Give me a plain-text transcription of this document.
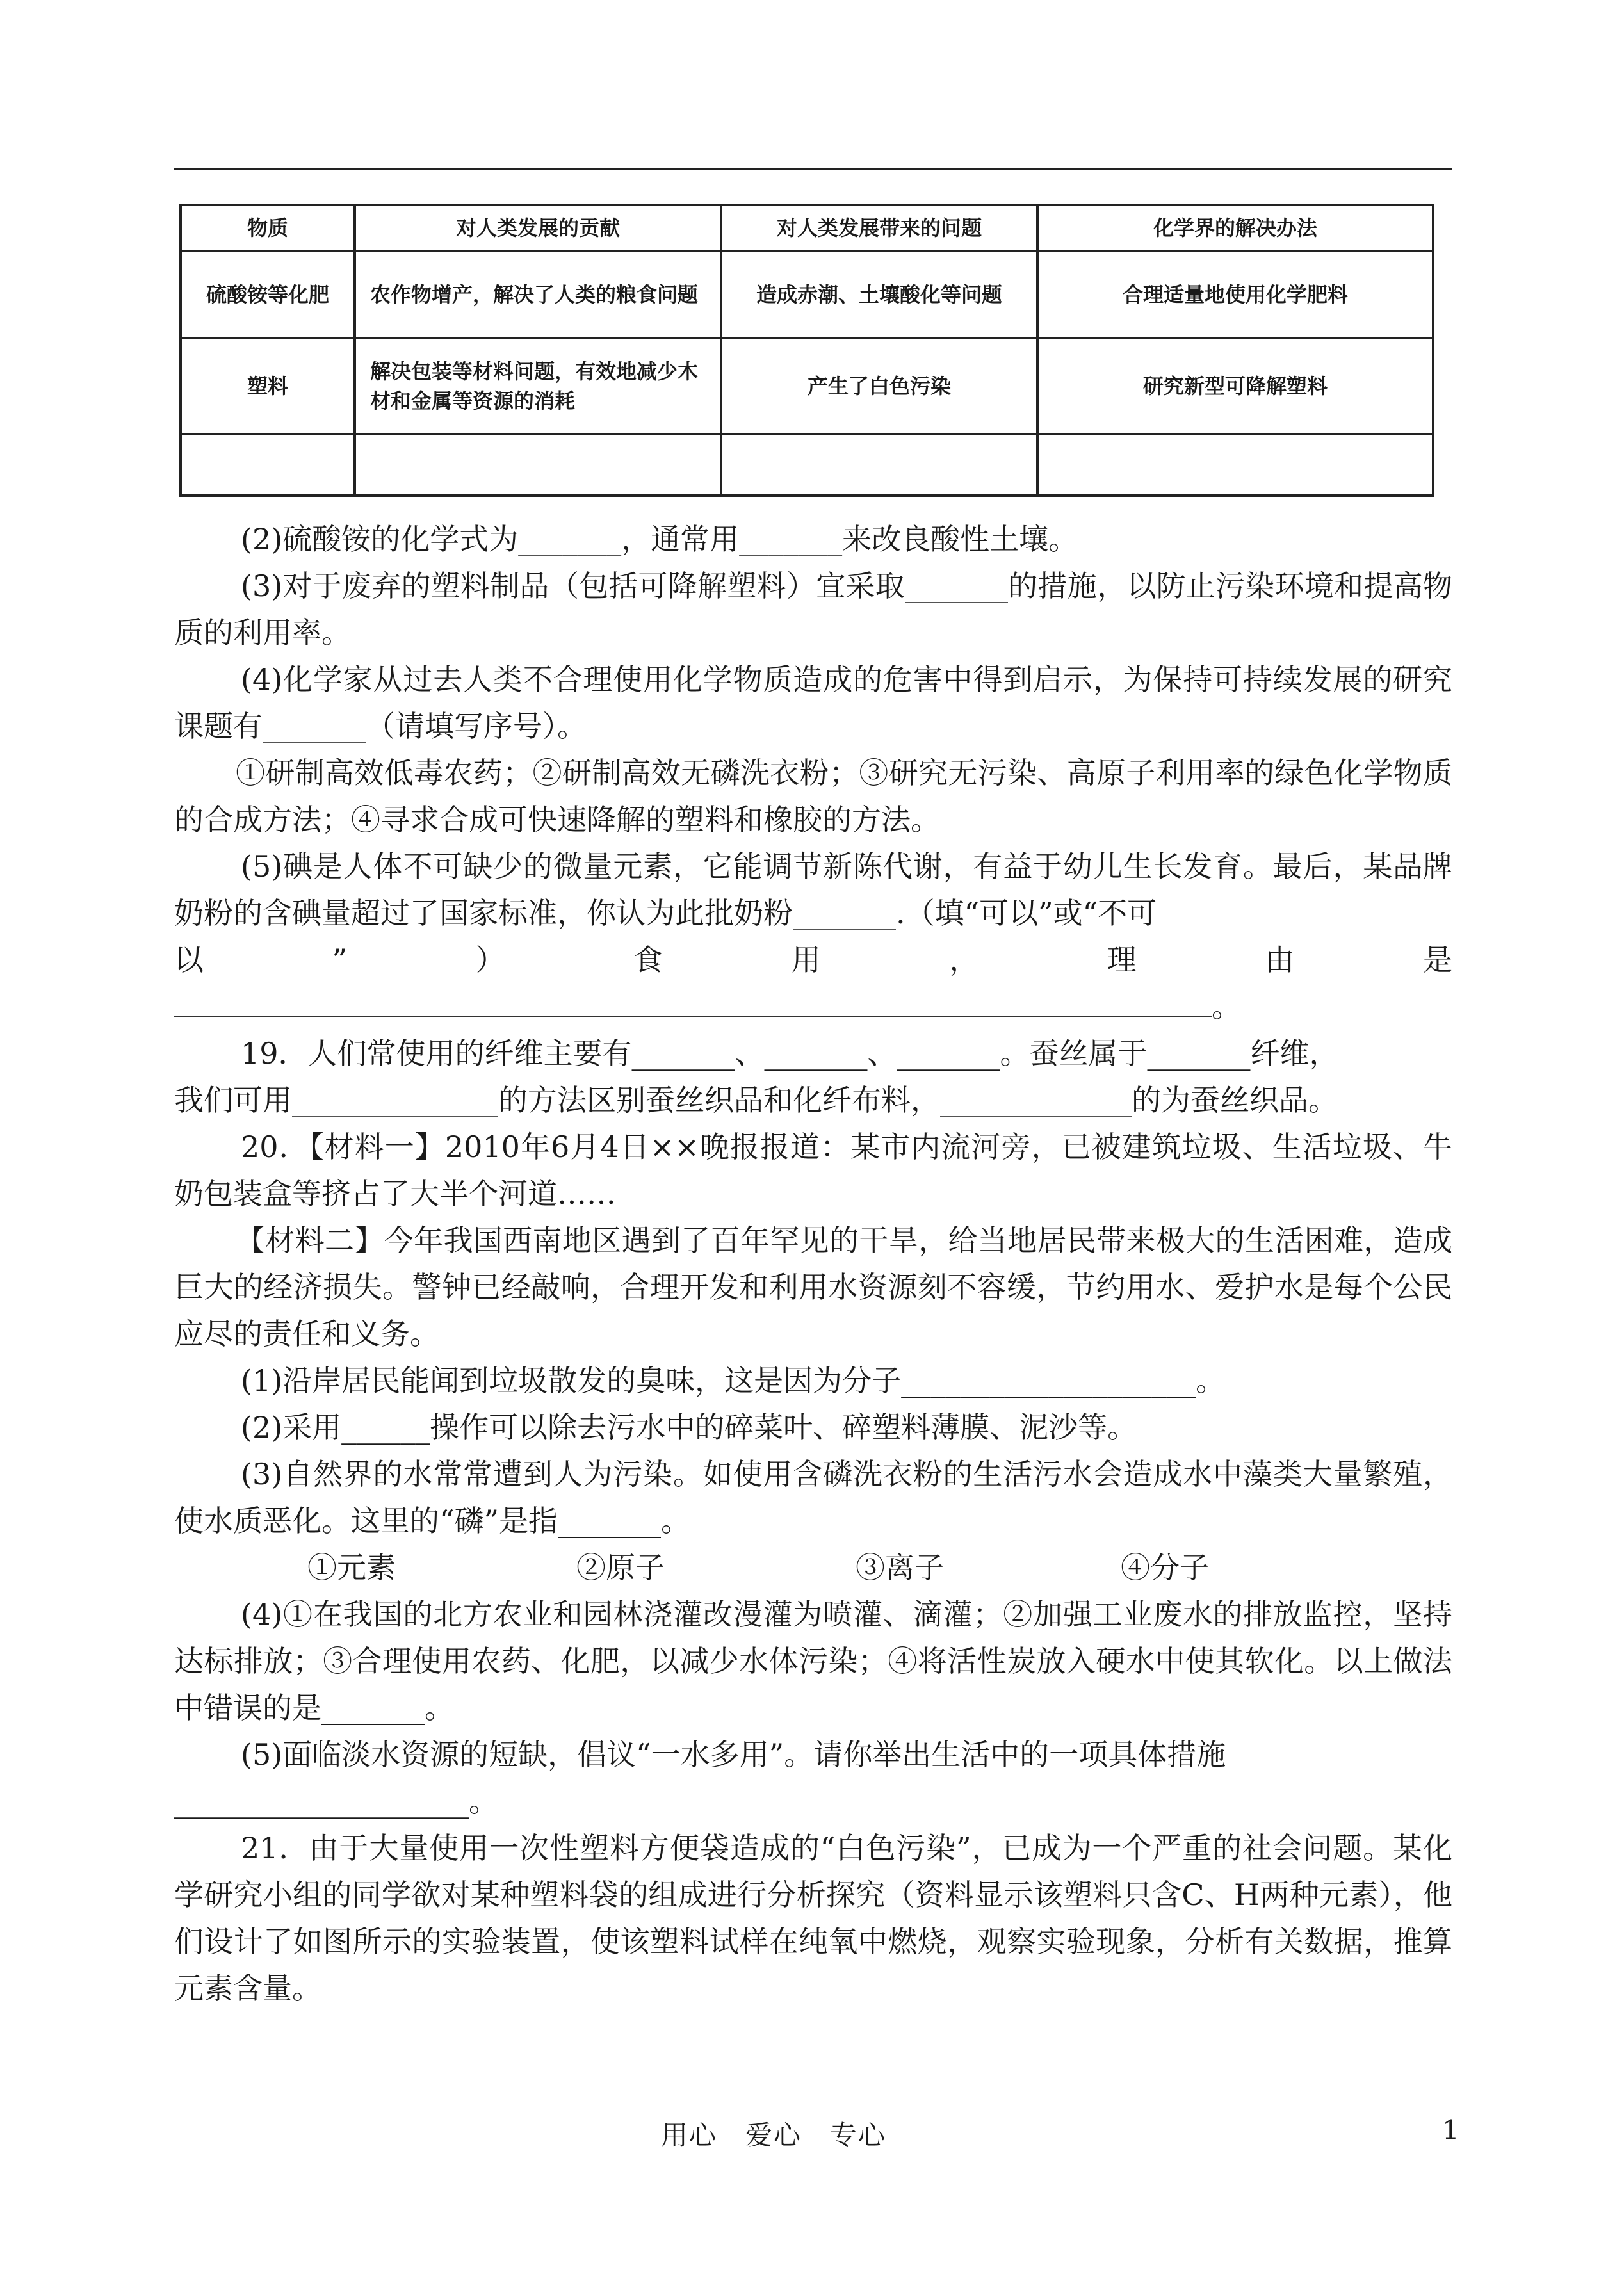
物质	对人类发展的贡献	对人类发展带来的问题	化学界的解决办法
硫酸铵等化肥	农作物增产，解决了人类的粮食问题	造成赤潮、土壤酸化等问题	合理适量地使用化学肥料
塑料	解决包装等材料问题，有效地减少木材和金属等资源的消耗	产生了白色污染	研究新型可降解塑料

(2)硫酸铵的化学式为_______，通常用_______来改良酸性土壤。

(3)对于废弃的塑料制品（包括可降解塑料）宜采取_______的措施，以防止污染环境和提高物质的利用率。

(4)化学家从过去人类不合理使用化学物质造成的危害中得到启示，为保持可持续发展的研究课题有_______（请填写序号）。

①研制高效低毒农药；②研制高效无磷洗衣粉；③研究无污染、高原子利用率的绿色化学物质的合成方法；④寻求合成可快速降解的塑料和橡胶的方法。

(5)碘是人体不可缺少的微量元素，它能调节新陈代谢，有益于幼儿生长发育。最后，某品牌奶粉的含碘量超过了国家标准，你认为此批奶粉_______.（填“可以”或“不可

以	”	）	食	用	，	理	由	是

。

19．人们常使用的纤维主要有_______、_______、_______。蚕丝属于_______纤维，

我们可用______________的方法区别蚕丝织品和化纤布料，_____________的为蚕丝织品。

20．【材料一】2010年6月4日××晚报报道：某市内流河旁，已被建筑垃圾、生活垃圾、牛奶包装盒等挤占了大半个河道……

【材料二】今年我国西南地区遇到了百年罕见的干旱，给当地居民带来极大的生活困难，造成巨大的经济损失。警钟已经敲响，合理开发和利用水资源刻不容缓，节约用水、爱护水是每个公民应尽的责任和义务。

(1)沿岸居民能闻到垃圾散发的臭味，这是因为分子____________________。

(2)采用______操作可以除去污水中的碎菜叶、碎塑料薄膜、泥沙等。

(3)自然界的水常常遭到人为污染。如使用含磷洗衣粉的生活污水会造成水中藻类大量繁殖，使水质恶化。这里的“磷”是指_______。

①元素	②原子	③离子	④分子

(4)①在我国的北方农业和园林浇灌改漫灌为喷灌、滴灌；②加强工业废水的排放监控，坚持达标排放；③合理使用农药、化肥，以减少水体污染；④将活性炭放入硬水中使其软化。以上做法中错误的是_______。

(5)面临淡水资源的短缺，倡议“一水多用”。请你举出生活中的一项具体措施

____________________。

21．由于大量使用一次性塑料方便袋造成的“白色污染”，已成为一个严重的社会问题。某化学研究小组的同学欲对某种塑料袋的组成进行分析探究（资料显示该塑料只含C、H两种元素），他们设计了如图所示的实验装置，使该塑料试样在纯氧中燃烧，观察实验现象，分析有关数据，推算元素含量。

用心　爱心　专心	1
